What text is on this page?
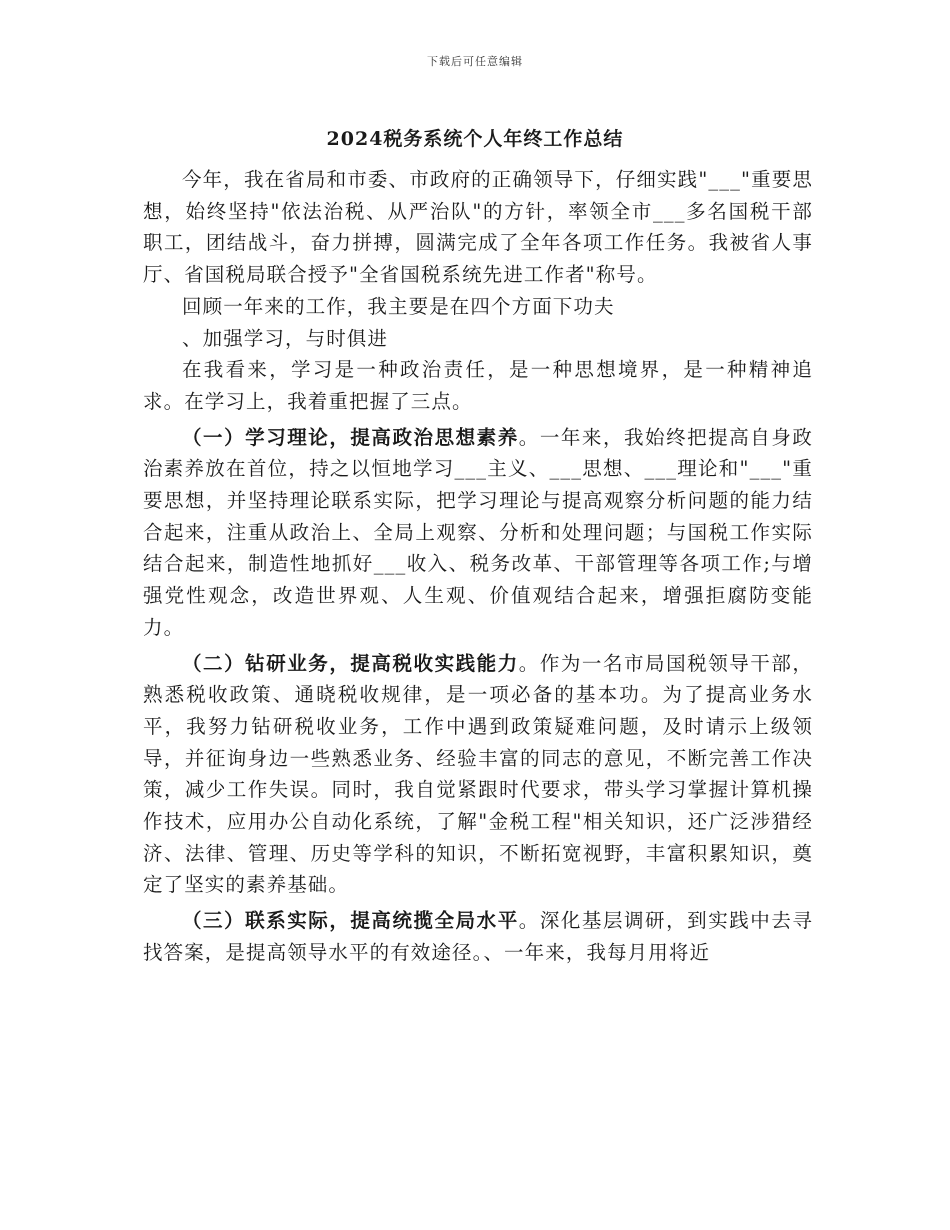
下载后可任意编辑
2024税务系统个人年终工作总结

今年，我在省局和市委、市政府的正确领导下，仔细实践"___"重要思想，始终坚持"依法治税、从严治队"的方针，率领全市___多名国税干部职工，团结战斗，奋力拼搏，圆满完成了全年各项工作任务。我被省人事厅、省国税局联合授予"全省国税系统先进工作者"称号。

回顾一年来的工作，我主要是在四个方面下功夫

、加强学习，与时俱进

在我看来，学习是一种政治责任，是一种思想境界，是一种精神追求。在学习上，我着重把握了三点。

（一）学习理论，提高政治思想素养。一年来，我始终把提高自身政治素养放在首位，持之以恒地学习___主义、___思想、___理论和"___"重要思想，并坚持理论联系实际，把学习理论与提高观察分析问题的能力结合起来，注重从政治上、全局上观察、分析和处理问题；与国税工作实际结合起来，制造性地抓好___收入、税务改革、干部管理等各项工作;与增强党性观念，改造世界观、人生观、价值观结合起来，增强拒腐防变能力。

（二）钻研业务，提高税收实践能力。作为一名市局国税领导干部，熟悉税收政策、通晓税收规律，是一项必备的基本功。为了提高业务水平，我努力钻研税收业务，工作中遇到政策疑难问题，及时请示上级领导，并征询身边一些熟悉业务、经验丰富的同志的意见，不断完善工作决策，减少工作失误。同时，我自觉紧跟时代要求，带头学习掌握计算机操作技术，应用办公自动化系统，了解"金税工程"相关知识，还广泛涉猎经济、法律、管理、历史等学科的知识，不断拓宽视野，丰富积累知识，奠定了坚实的素养基础。

（三）联系实际，提高统揽全局水平。深化基层调研，到实践中去寻找答案，是提高领导水平的有效途径。、一年来，我每月用将近
